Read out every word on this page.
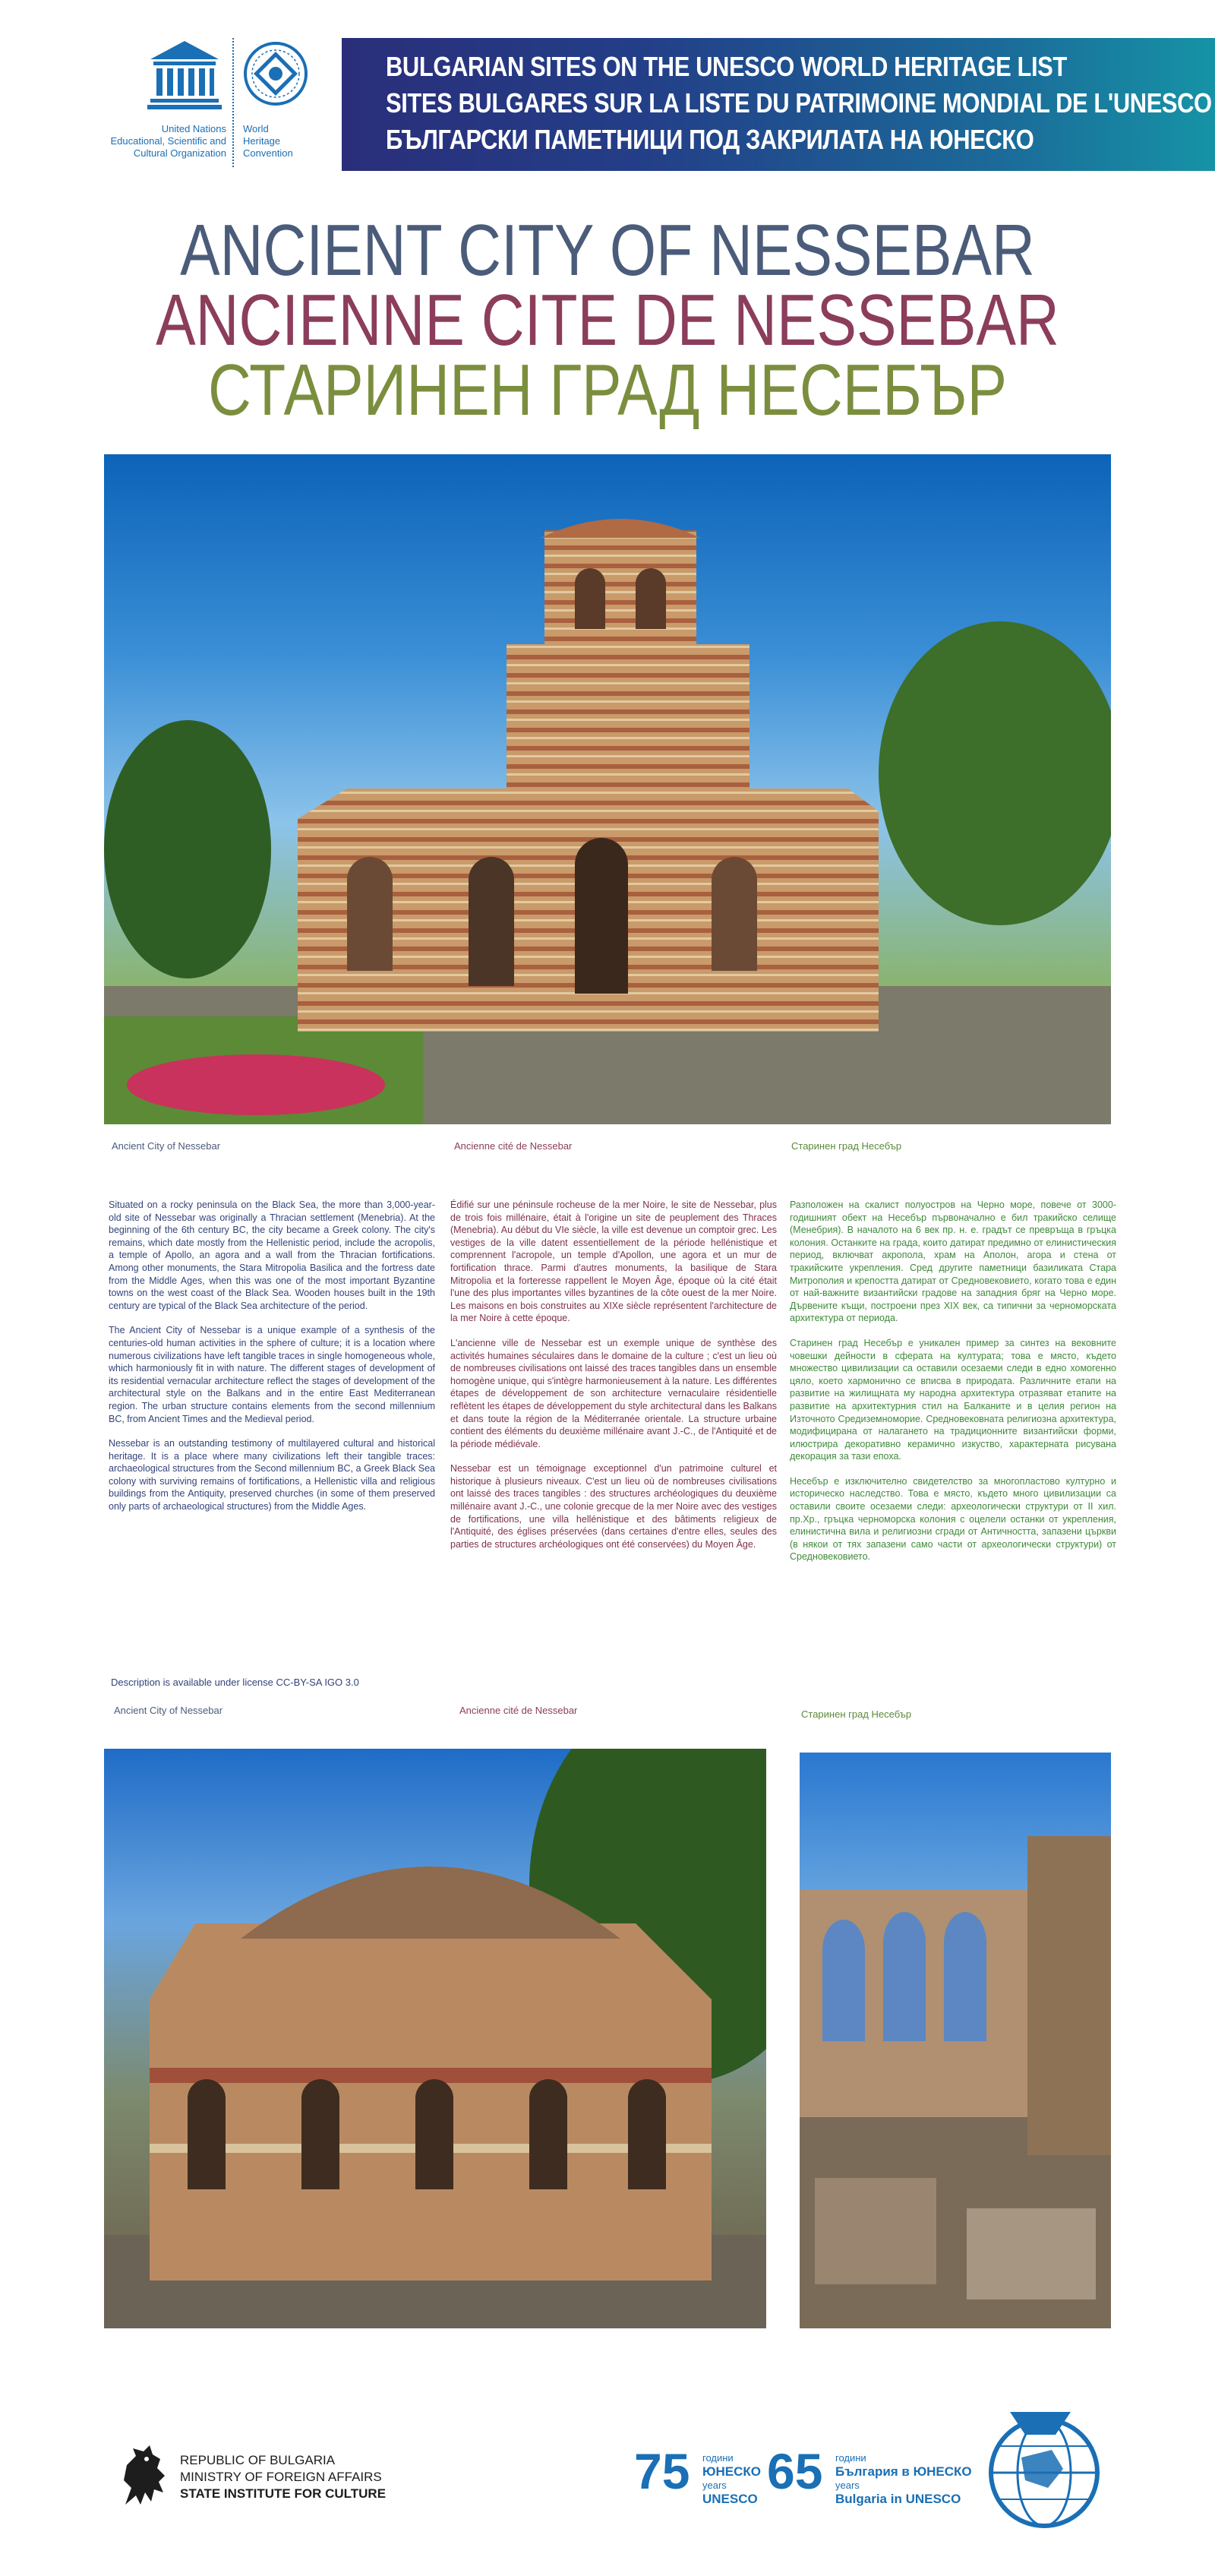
United Nations
Educational, Scientific and
Cultural Organization
World
Heritage
Convention
BULGARIAN SITES ON THE UNESCO WORLD HERITAGE LIST
SITES BULGARES SUR LA LISTE DU PATRIMOINE MONDIAL DE L'UNESCO
БЪЛГАРСКИ ПАМЕТНИЦИ ПОД ЗАКРИЛАТА НА ЮНЕСКО
ANCIENT CITY OF NESSEBAR
ANCIENNE CITE DE NESSEBAR
СТАРИНЕН ГРАД НЕСЕБЪР
Ancient City of Nessebar	Ancienne cité de Nessebar	Старинен град Несебър

Situated on a rocky peninsula on the Black Sea, the more than 3,000-year-old site of Nessebar was originally a Thracian settlement (Menebria). At the beginning of the 6th century BC, the city became a Greek colony. The city's remains, which date mostly from the Hellenistic period, include the acropolis, a temple of Apollo, an agora and a wall from the Thracian fortifications. Among other monuments, the Stara Mitropolia Basilica and the fortress date from the Middle Ages, when this was one of the most important Byzantine towns on the west coast of the Black Sea. Wooden houses built in the 19th century are typical of the Black Sea architecture of the period.

The Ancient City of Nessebar is a unique example of a synthesis of the centuries-old human activities in the sphere of culture; it is a location where numerous civilizations have left tangible traces in single homogeneous whole, which harmoniously fit in with nature. The different stages of development of its residential vernacular architecture reflect the stages of development of the architectural style on the Balkans and in the entire East Mediterranean region. The urban structure contains elements from the second millennium BC, from Ancient Times and the Medieval period.

Nessebar is an outstanding testimony of multilayered cultural and historical heritage. It is a place where many civilizations left their tangible traces: archaeological structures from the Second millennium BC, a Greek Black Sea colony with surviving remains of fortifications, a Hellenistic villa and religious buildings from the Antiquity, preserved churches (in some of them preserved only parts of archaeological structures) from the Middle Ages.

Description is available under license CC-BY-SA IGO 3.0

Édifié sur une péninsule rocheuse de la mer Noire, le site de Nessebar, plus de trois fois millénaire, était à l'origine un site de peuplement des Thraces (Menebria). Au début du VIe siècle, la ville est devenue un comptoir grec. Les vestiges de la ville datent essentiellement de la période hellénistique et comprennent l'acropole, un temple d'Apollon, une agora et un mur de fortification thrace. Parmi d'autres monuments, la basilique de Stara Mitropolia et la forteresse rappellent le Moyen Âge, époque où la cité était l'une des plus importantes villes byzantines de la côte ouest de la mer Noire. Les maisons en bois construites au XIXe siècle représentent l'architecture de la mer Noire à cette époque.

L'ancienne ville de Nessebar est un exemple unique de synthèse des activités humaines séculaires dans le domaine de la culture ; c'est un lieu où de nombreuses civilisations ont laissé des traces tangibles dans un ensemble homogène unique, qui s'intègre harmonieusement à la nature. Les différentes étapes de développement de son architecture vernaculaire résidentielle reflètent les étapes de développement du style architectural dans les Balkans et dans toute la région de la Méditerranée orientale. La structure urbaine contient des éléments du deuxième millénaire avant J.-C., de l'Antiquité et de la période médiévale.

Nessebar est un témoignage exceptionnel d'un patrimoine culturel et historique à plusieurs niveaux. C'est un lieu où de nombreuses civilisations ont laissé des traces tangibles : des structures archéologiques du deuxième millénaire avant J.-C., une colonie grecque de la mer Noire avec des vestiges de fortifications, une villa hellénistique et des bâtiments religieux de l'Antiquité, des églises préservées (dans certaines d'entre elles, seules des parties de structures archéologiques ont été conservées) du Moyen Âge.

Разположен на скалист полуостров на Черно море, повече от 3000-годишният обект на Несебър първоначално е бил тракийско селище (Менебрия). В началото на 6 век пр. н. е. градът се превръща в гръцка колония. Останките на града, които датират предимно от елинистическия период, включват акропола, храм на Аполон, агора и стена от тракийските укрепления. Сред другите паметници базиликата Стара Митрополия и крепостта датират от Средновековието, когато това е един от най-важните византийски градове на западния бряг на Черно море. Дървените къщи, построени през XIX век, са типични за черноморската архитектура от периода.

Старинен град Несебър е уникален пример за синтез на вековните човешки дейности в сферата на културата; това е място, където множество цивилизации са оставили осезаеми следи в едно хомогенно цяло, което хармонично се вписва в природата. Различните етапи на развитие на жилищната му народна архитектура отразяват етапите на развитие на архитектурния стил на Балканите и в целия регион на Източното Средиземноморие. Средновековната религиозна архитектура, модифицирана от налагането на традиционните византийски форми, илюстрира декоративно керамично изкуство, характерната рисувана декорация за тази епоха.

Несебър е изключително свидетелство за многопластово културно и историческо наследство. Това е място, където много цивилизации са оставили своите осезаеми следи: археологически структури от II хил. пр.Хр., гръцка черноморска колония с оцелели останки от укрепления, елинистична вила и религиозни сгради от Античността, запазени църкви (в някои от тях запазени само части от археологически структури) от Средновековието.

Ancient City of Nessebar	Ancienne cité de Nessebar	Старинен град Несебър
REPUBLIC OF BULGARIA
MINISTRY OF FOREIGN AFFAIRS
STATE INSTITUTE FOR CULTURE	75 години
ЮНЕСКО
years
UNESCO 65 години
България в ЮНЕСКО
years
Bulgaria in UNESCO
